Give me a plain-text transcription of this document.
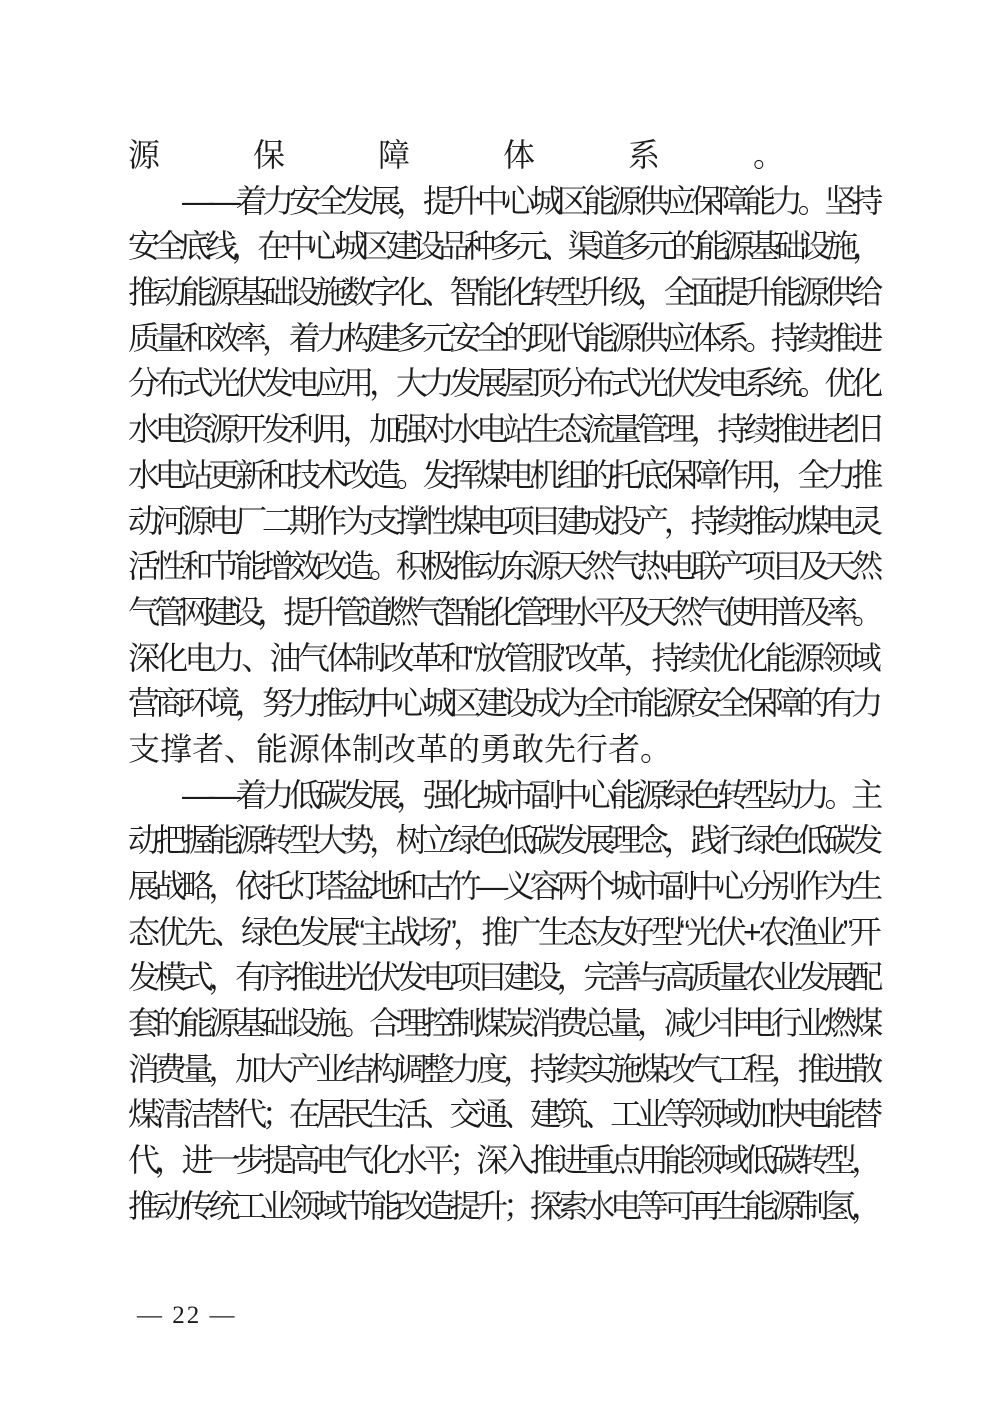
源保障体系。
——着力安全发展，提升中心城区能源供应保障能力。坚持
安全底线，在中心城区建设品种多元、渠道多元的能源基础设施，
推动能源基础设施数字化、智能化转型升级，全面提升能源供给
质量和效率，着力构建多元安全的现代能源供应体系。持续推进
分布式光伏发电应用，大力发展屋顶分布式光伏发电系统。优化
水电资源开发利用，加强对水电站生态流量管理，持续推进老旧
水电站更新和技术改造。发挥煤电机组的托底保障作用，全力推
动河源电厂二期作为支撑性煤电项目建成投产，持续推动煤电灵
活性和节能增效改造。积极推动东源天然气热电联产项目及天然
气管网建设，提升管道燃气智能化管理水平及天然气使用普及率。
深化电力、油气体制改革和“放管服”改革，持续优化能源领域
营商环境，努力推动中心城区建设成为全市能源安全保障的有力
支撑者、能源体制改革的勇敢先行者。
——着力低碳发展，强化城市副中心能源绿色转型动力。主
动把握能源转型大势，树立绿色低碳发展理念，践行绿色低碳发
展战略，依托灯塔盆地和古竹—义容两个城市副中心分别作为生
态优先、绿色发展“主战场”，推广生态友好型“光伏+农渔业”开
发模式，有序推进光伏发电项目建设，完善与高质量农业发展配
套的能源基础设施。合理控制煤炭消费总量，减少非电行业燃煤
消费量，加大产业结构调整力度，持续实施煤改气工程，推进散
煤清洁替代；在居民生活、交通、建筑、工业等领域加快电能替
代，进一步提高电气化水平；深入推进重点用能领域低碳转型，
推动传统工业领域节能改造提升；探索水电等可再生能源制氢，
— 22 —
